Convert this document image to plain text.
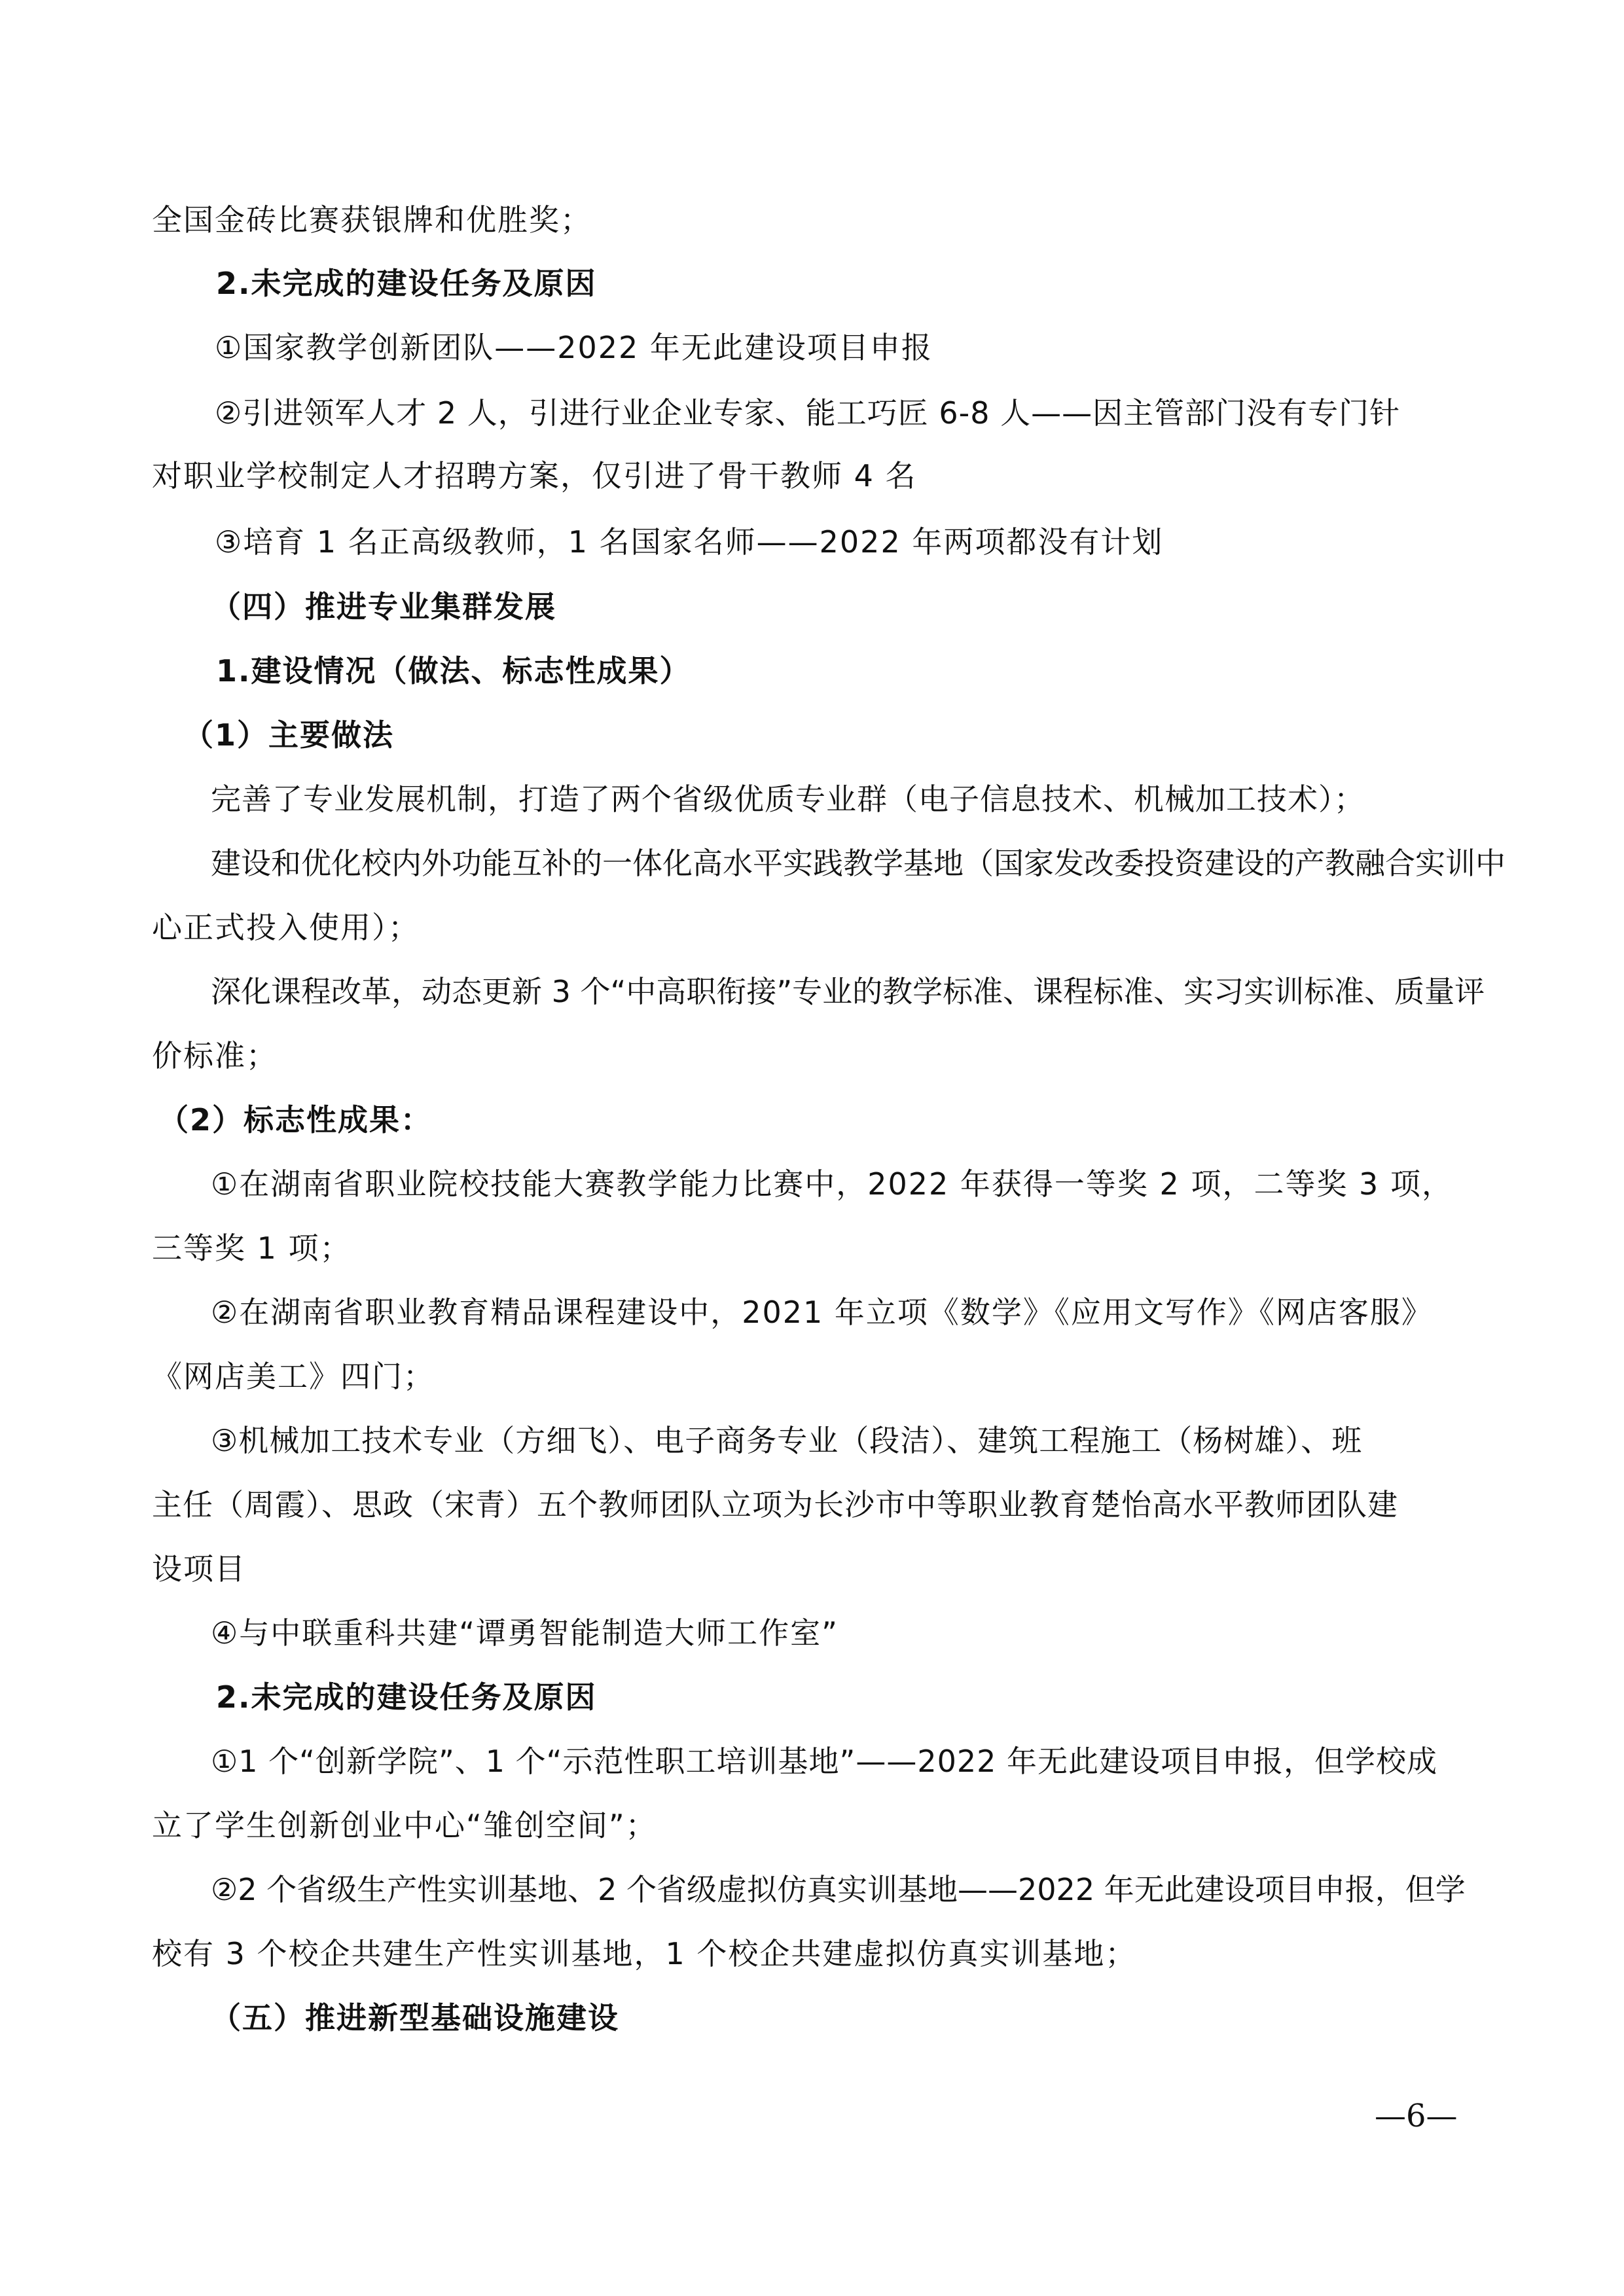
全国金砖比赛获银牌和优胜奖；
2.未完成的建设任务及原因
①国家教学创新团队——2022 年无此建设项目申报
②引进领军人才 2 人，引进行业企业专家、能工巧匠 6-8 人——因主管部门没有专门针
对职业学校制定人才招聘方案，仅引进了骨干教师 4 名
③培育 1 名正高级教师，1 名国家名师——2022 年两项都没有计划
（四）推进专业集群发展
1.建设情况（做法、标志性成果）
（1）主要做法
完善了专业发展机制，打造了两个省级优质专业群（电子信息技术、机械加工技术）；
建设和优化校内外功能互补的一体化高水平实践教学基地（国家发改委投资建设的产教融合实训中
心正式投入使用）；
深化课程改革，动态更新 3 个“中高职衔接”专业的教学标准、课程标准、实习实训标准、质量评
价标准；
（2）标志性成果：
①在湖南省职业院校技能大赛教学能力比赛中，2022 年获得一等奖 2 项，二等奖 3 项，
三等奖 1 项；
②在湖南省职业教育精品课程建设中，2021 年立项《数学》《应用文写作》《网店客服》
《网店美工》四门；
③机械加工技术专业（方细飞）、电子商务专业（段洁）、建筑工程施工（杨树雄）、班
主任（周霞）、思政（宋青）五个教师团队立项为长沙市中等职业教育楚怡高水平教师团队建
设项目
④与中联重科共建“谭勇智能制造大师工作室”
2.未完成的建设任务及原因
①1 个“创新学院”、1 个“示范性职工培训基地”——2022 年无此建设项目申报，但学校成
立了学生创新创业中心“雏创空间”；
②2 个省级生产性实训基地、2 个省级虚拟仿真实训基地——2022 年无此建设项目申报，但学
校有 3 个校企共建生产性实训基地，1 个校企共建虚拟仿真实训基地；
（五）推进新型基础设施建设
—6—
